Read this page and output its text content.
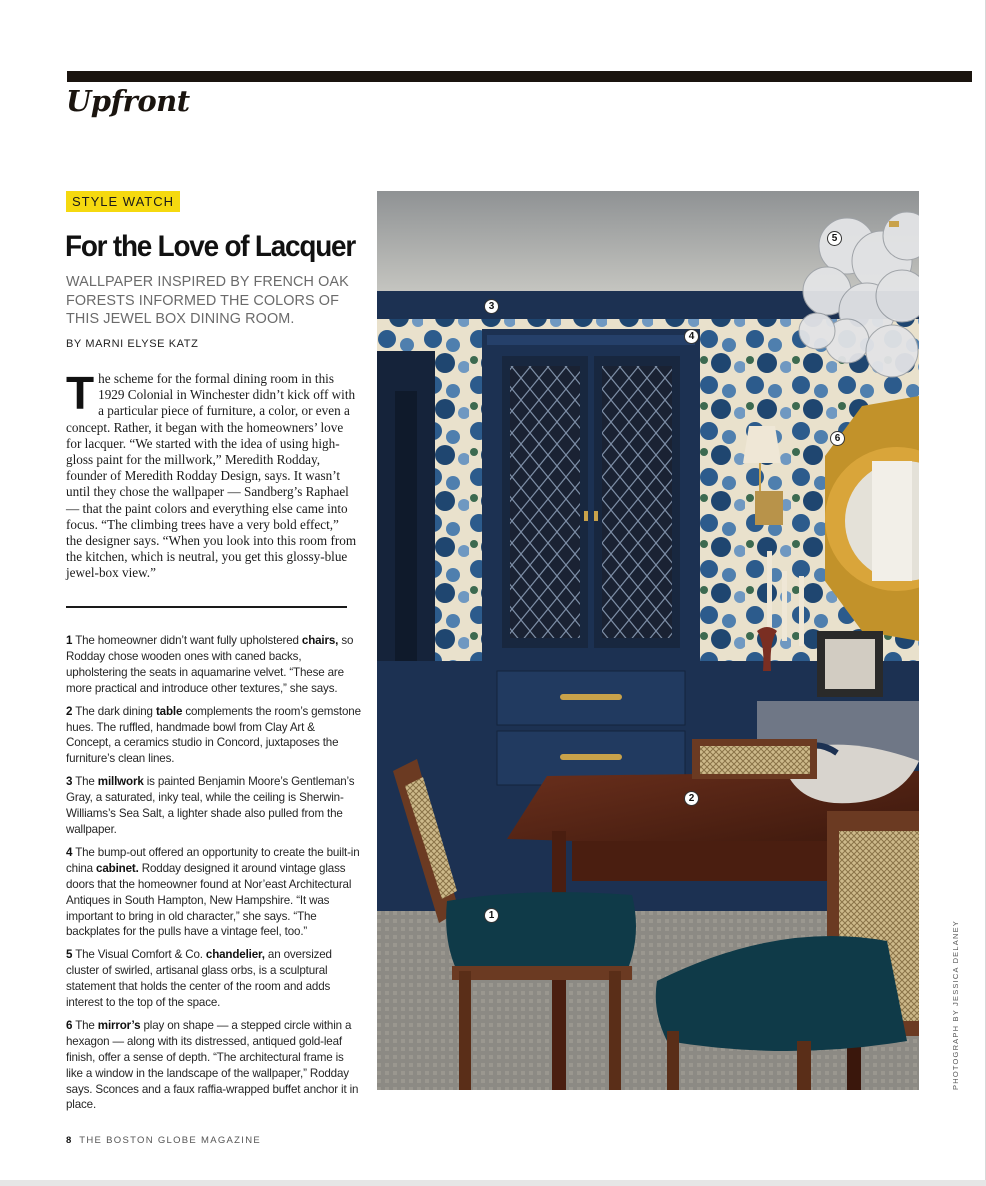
Upfront
STYLE WATCH
For the Love of Lacquer
WALLPAPER INSPIRED BY FRENCH OAK FORESTS INFORMED THE COLORS OF THIS JEWEL BOX DINING ROOM.
BY MARNI ELYSE KATZ

The scheme for the formal dining room in this 1929 Colonial in Winchester didn’t kick off with a particular piece of furniture, a color, or even a concept. Rather, it began with the homeowners’ love for lacquer. “We started with the idea of using high-gloss paint for the millwork,” Meredith Rodday, founder of Meredith Rodday Design, says. It wasn’t until they chose the wallpaper — Sandberg’s Raphael — that the paint colors and everything else came into focus. “The climbing trees have a very bold effect,” the designer says. “When you look into this room from the kitchen, which is neutral, you get this glossy-blue jewel-box view.”

1 The homeowner didn’t want fully upholstered chairs, so Rodday chose wooden ones with caned backs, upholstering the seats in aquamarine velvet. “These are more practical and introduce other textures,” she says.

2 The dark dining table complements the room’s gemstone hues. The ruffled, handmade bowl from Clay Art & Concept, a ceramics studio in Concord, juxtaposes the furniture’s clean lines.

3 The millwork is painted Benjamin Moore’s Gentleman’s Gray, a saturated, inky teal, while the ceiling is Sherwin-Williams’s Sea Salt, a lighter shade also pulled from the wallpaper.

4 The bump-out offered an opportunity to create the built-in china cabinet. Rodday designed it around vintage glass doors that the homeowner found at Nor’east Architectural Antiques in South Hampton, New Hampshire. “It was important to bring in old character,” she says. “The backplates for the pulls have a vintage feel, too.”

5 The Visual Comfort & Co. chandelier, an oversized cluster of swirled, artisanal glass orbs, is a sculptural statement that holds the center of the room and adds interest to the top of the space.

6 The mirror’s play on shape — a stepped circle within a hexagon — along with its distressed, antiqued gold-leaf finish, offer a sense of depth. “The architectural frame is like a window in the landscape of the wallpaper,” Rodday says. Sconces and a faux raffia-wrapped buffet anchor it in place.

5
3
4
6
2
1
PHOTOGRAPH BY JESSICA DELANEY
8 THE BOSTON GLOBE MAGAZINE
